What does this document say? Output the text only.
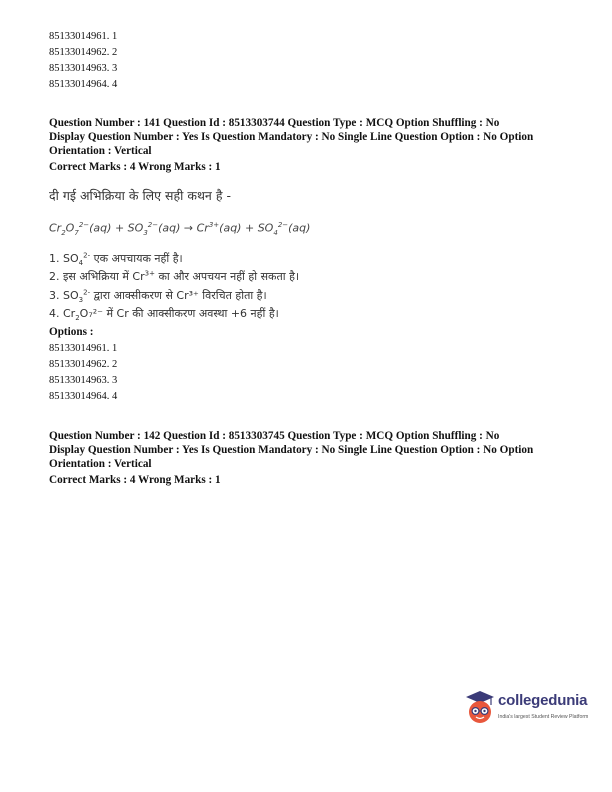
85133014961. 1
85133014962. 2
85133014963. 3
85133014964. 4
Question Number : 141 Question Id : 8513303744 Question Type : MCQ Option Shuffling : No
Display Question Number : Yes Is Question Mandatory : No Single Line Question Option : No Option
Orientation : Vertical
Correct Marks : 4 Wrong Marks : 1
दी गई अभिक्रिया के लिए सही कथन है -
$Cr_2O_7^{2-}(aq) + SO_3^{2-}(aq) \to Cr^{3+}(aq) + SO_4^{2-}(aq)$
1. $SO_4^{2-}$ एक अपचायक नहीं है।
2. इस अभिक्रिया में $Cr^{3+}$ का और अपचयन नहीं हो सकता है।
3. $SO_3^{2-}$ द्वारा आक्सीकरण से Cr³⁺ विरचित होता है।
4. $Cr_2O_7^{2-}$ में Cr की आक्सीकरण अवस्था +6 नहीं है।
Options :
85133014961. 1
85133014962. 2
85133014963. 3
85133014964. 4
Question Number : 142 Question Id : 8513303745 Question Type : MCQ Option Shuffling : No
Display Question Number : Yes Is Question Mandatory : No Single Line Question Option : No Option
Orientation : Vertical
Correct Marks : 4 Wrong Marks : 1
collegedunia
India's largest Student Review Platform
